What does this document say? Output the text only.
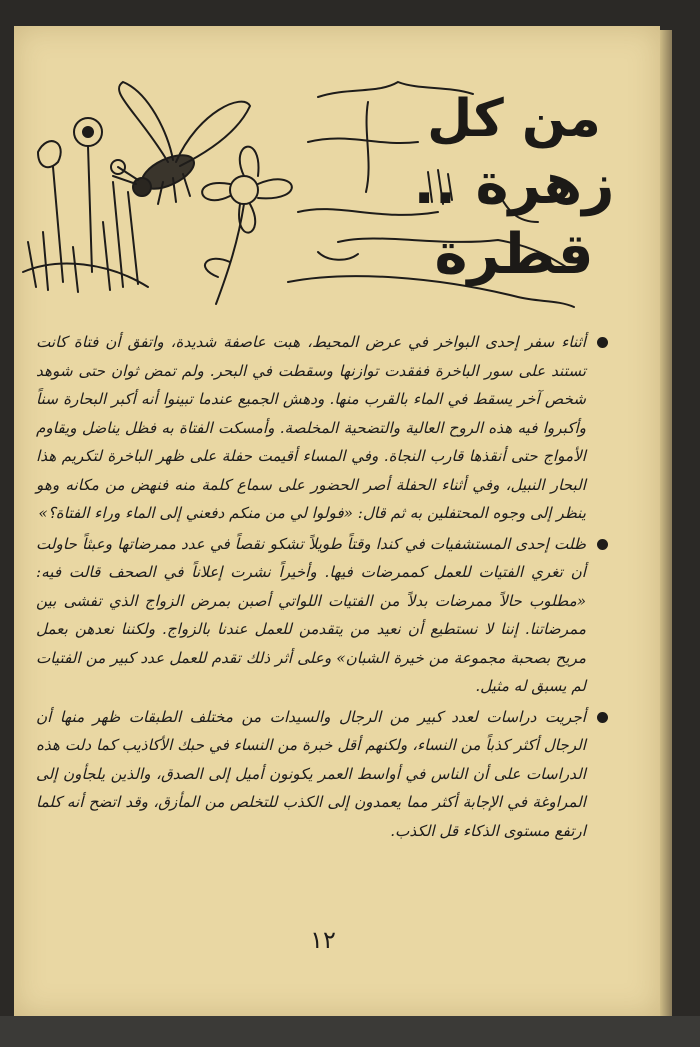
من كل
زهرة .. قطرة

أثناء سفر إحدى البواخر في عرض المحيط، هبت عاصفة شديدة، واتفق أن فتاة كانت تستند على سور الباخرة ففقدت توازنها وسقطت في البحر. ولم تمض ثوان حتى شوهد شخص آخر يسقط في الماء بالقرب منها. ودهش الجميع عندما تبينوا أنه أكبر البحارة سناً وأكبروا فيه هذه الروح العالية والتضحية المخلصة. وأمسكت الفتاة به فظل يناضل ويقاوم الأمواج حتى أنقذها قارب النجاة. وفي المساء أقيمت حفلة على ظهر الباخرة لتكريم هذا البحار النبيل، وفي أثناء الحفلة أصر الحضور على سماع كلمة منه فنهض من مكانه وهو ينظر إلى وجوه المحتفلين به ثم قال: «فولوا لي من منكم دفعني إلى الماء وراء الفتاة؟»

ظلت إحدى المستشفيات في كندا وقتاً طويلاً تشكو نقصاً في عدد ممرضاتها وعبثاً حاولت أن تغري الفتيات للعمل كممرضات فيها. وأخيراً نشرت إعلاناً في الصحف قالت فيه: «مطلوب حالاً ممرضات بدلاً من الفتيات اللواتي أصبن بمرض الزواج الذي تفشى بين ممرضاتنا. إننا لا نستطيع أن نعيد من يتقدمن للعمل عندنا بالزواج. ولكننا نعدهن بعمل مريح بصحبة مجموعة من خيرة الشبان» وعلى أثر ذلك تقدم للعمل عدد كبير من الفتيات لم يسبق له مثيل.

أجريت دراسات لعدد كبير من الرجال والسيدات من مختلف الطبقات ظهر منها أن الرجال أكثر كذباً من النساء، ولكنهم أقل خبرة من النساء في حبك الأكاذيب كما دلت هذه الدراسات على أن الناس في أواسط العمر يكونون أميل إلى الصدق، والذين يلجأون إلى المراوغة في الإجابة أكثر مما يعمدون إلى الكذب للتخلص من المأزق، وقد اتضح أنه كلما ارتفع مستوى الذكاء قل الكذب.

١٢
